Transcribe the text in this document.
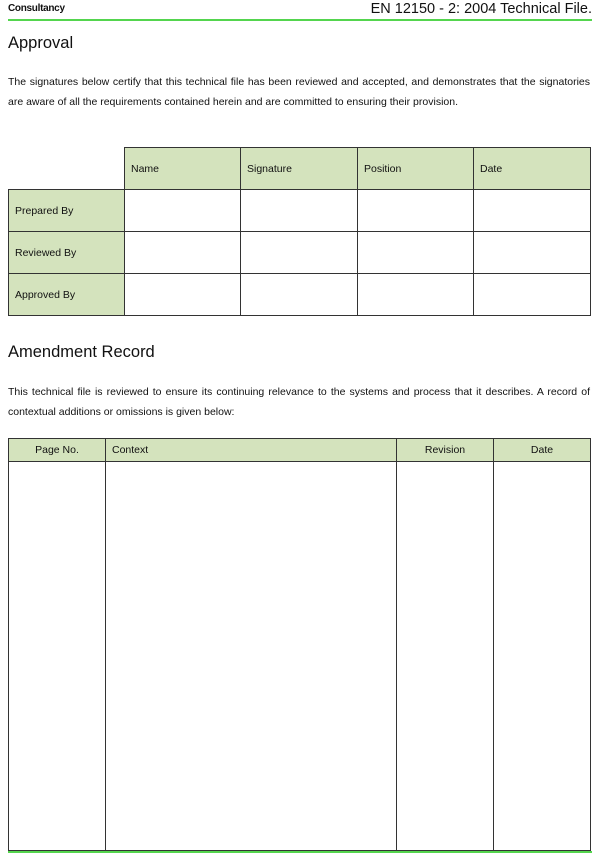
Consultancy	EN 12150 - 2: 2004 Technical File.
Approval

The signatures below certify that this technical file has been reviewed and accepted, and demonstrates that the signatories are aware of all the requirements contained herein and are committed to ensuring their provision.

	Name	Signature	Position	Date
Prepared By				
Reviewed By				
Approved By				
Amendment Record

This technical file is reviewed to ensure its continuing relevance to the systems and process that it describes. A record of contextual additions or omissions is given below:

Page No.	Context	Revision	Date
